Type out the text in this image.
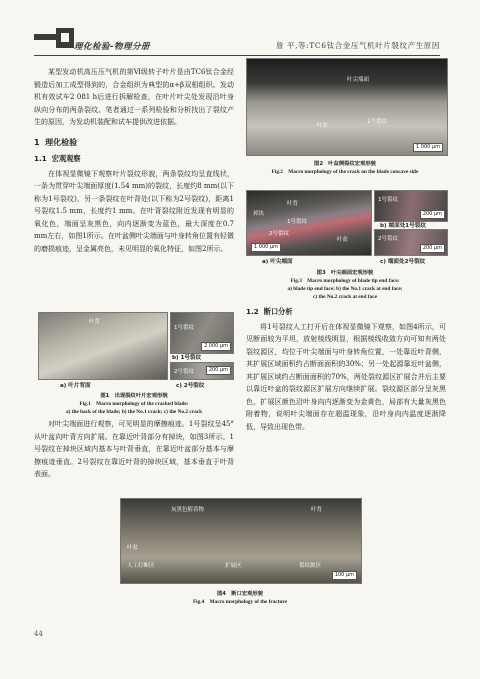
理化检验-物理分册	詹 平,等:TC6钛合金压气机叶片裂纹产生原因

某型发动机高压压气机的第Ⅵ级转子叶片是由TC6钛合金经锻造后加工成型得到的，合金组织为典型的α+β双相组织。发动机有效试车2 081 h后进行拆解检查，在叶片叶尖处发现沿叶身纵向分布的两条裂纹。笔者通过一系列检验和分析找出了裂纹产生的原因，为发动机装配和试车提供改进依据。

1 理化检验
1.1 宏观观察

在体视显微镜下观察叶片裂纹形貌，两条裂纹均呈直线状，一条为贯穿叶尖端面厚度(1.54 mm)的裂纹，长度约8 mm(以下称为1号裂纹)，另一条裂纹在叶背处(以下称为2号裂纹)，距离1号裂纹1.5 mm，长度约1 mm。在叶背裂纹附近发现有明显的氧化色，端面呈灰黑色，向内逐渐变为蓝色，最大深度在0.7 mm左右，如图1所示。在叶盆侧叶尖端面与叶身转角位置有轻微的磨损痕迹，呈金属亮色，未见明显的氧化特征，如图2所示。

叶背
1号裂纹
2 000 μm
b) 1号裂纹
2号裂纹	200 μm
a) 叶片背面	c) 2号裂纹
图1　出现裂纹叶片宏观形貌
Fig.1　Macro morphology of the cracked blade:
a) the back of the blade; b) the No.1 crack; c) the No.2 crack

对叶尖端面进行观察，可见明显的摩擦痕迹。1号裂纹呈45°从叶盆向叶背方向扩展。在靠近叶背部分有掉块，如图3所示。1号裂纹在掉块区域内基本与叶背垂直，在靠近叶盆部分基本与摩擦痕迹垂直。2号裂纹在靠近叶背的掉块区域，基本垂直于叶背表面。

叶尖端面
1号裂纹
叶盆
1 000 μm
图2　叶盆侧裂纹宏观形貌
Fig.2　Macro morphology of the crack on the blade concave side
叶背
掉块
1号裂纹
2号裂纹
叶盆
1 000 μm
1号裂纹
200 μm
b) 端面处1号裂纹
2号裂纹
200 μm
a) 叶尖端面	c) 端面处2号裂纹
图3　叶尖端面宏观形貌
Fig.3　Macro morphology of blade tip end face:
a) blade tip end face; b) the No.1 crack at end face;
c) the No.2 crack at end face
1.2 断口分析

将1号裂纹人工打开后在体视显微镜下观察，如图4所示，可见断面较为平坦，放射棱线明显，根据棱线收敛方向可知有两处裂纹源区，均位于叶尖端面与叶身转角位置，一处靠近叶背侧，其扩展区域面积约占断面面积的30%；另一处起源靠近叶盆侧，其扩展区域约占断面面积的70%，两处裂纹源区扩展合并后主要以靠近叶盆的裂纹源区扩展方向继续扩展。裂纹源区部分呈灰黑色，扩展区颜色沿叶身向内逐渐变为金黄色，局部有大量灰黑色附着物，说明叶尖端面存在超温现象，沿叶身向内温度逐渐降低，导致出现色带。

灰黑色附着物	叶背
叶盆
人工打断区	扩展区	裂纹源区
100 μm
图4　断口宏观形貌
Fig.4　Macro morphology of the fracture
44
